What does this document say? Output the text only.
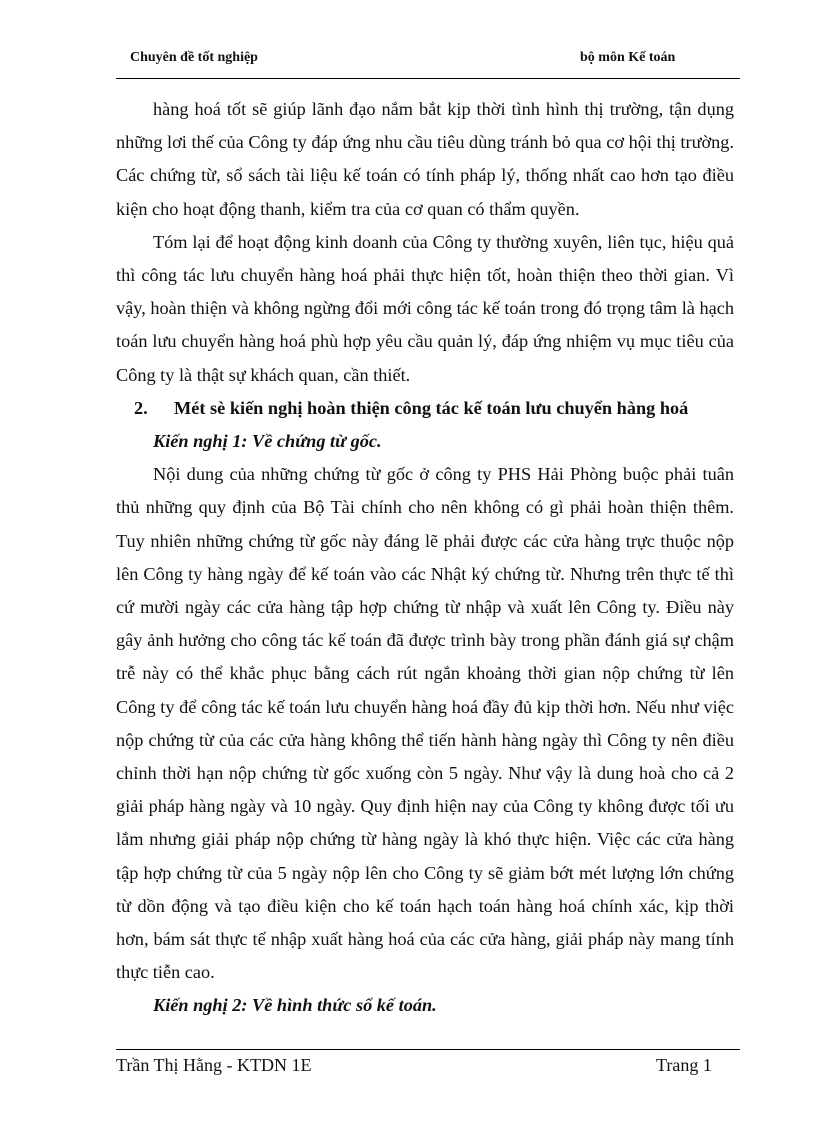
Chuyên đề tốt nghiệp	bộ môn Kế toán

hàng hoá tốt sẽ giúp lãnh đạo nắm bắt kịp thời tình hình thị trường, tận dụng những lơi thế của Công ty đáp ứng nhu cầu tiêu dùng tránh bỏ qua cơ hội thị trường. Các chứng từ, sổ sách tài liệu kế toán có tính pháp lý, thống nhất cao hơn tạo điều kiện cho hoạt động thanh, kiểm tra của cơ quan có thẩm quyền.

Tóm lại để hoạt động kinh doanh của Công ty thường xuyên, liên tục, hiệu quả thì công tác lưu chuyển hàng hoá phải thực hiện tốt, hoàn thiện theo thời gian. Vì vậy, hoàn thiện và không ngừng đổi mới công tác kế toán trong đó trọng tâm là hạch toán lưu chuyển hàng hoá phù hợp yêu cầu quản lý, đáp ứng nhiệm vụ mục tiêu của Công ty là thật sự khách quan, cần thiết.

2. Mét sè kiến nghị hoàn thiện công tác kế toán lưu chuyển hàng hoá

Kiến nghị 1: Về chứng từ gốc.

Nội dung của những chứng từ gốc ở công ty PHS Hải Phòng buộc phải tuân thủ những quy định của Bộ Tài chính cho nên không có gì phải hoàn thiện thêm. Tuy nhiên những chứng từ gốc này đáng lẽ phải được các cửa hàng trực thuộc nộp lên Công ty hàng ngày để kế toán vào các Nhật ký chứng từ. Nhưng trên thực tế thì cứ mười ngày các cửa hàng tập hợp chứng từ nhập và xuất lên Công ty. Điều này gây ảnh hưởng cho công tác kế toán đã được trình bày trong phần đánh giá sự chậm trễ này có thể khắc phục bằng cách rút ngắn khoảng thời gian nộp chứng từ lên Công ty để công tác kế toán lưu chuyển hàng hoá đầy đủ kịp thời hơn. Nếu như việc nộp chứng từ của các cửa hàng không thể tiến hành hàng ngày thì Công ty nên điều chỉnh thời hạn nộp chứng từ gốc xuống còn 5 ngày. Như vậy là dung hoà cho cả 2 giải pháp hàng ngày và 10 ngày. Quy định hiện nay của Công ty không được tối ưu lắm nhưng giải pháp nộp chứng từ hàng ngày là khó thực hiện. Việc các cửa hàng tập hợp chứng từ của 5 ngày nộp lên cho Công ty sẽ giảm bớt mét lượng lớn chứng từ dồn động và tạo điều kiện cho kế toán hạch toán hàng hoá chính xác, kịp thời hơn, bám sát thực tế nhập xuất hàng hoá của các cửa hàng, giải pháp này mang tính thực tiễn cao.

Kiến nghị 2: Về hình thức sổ kế toán.

Trần Thị Hằng - KTDN 1E	Trang 1
